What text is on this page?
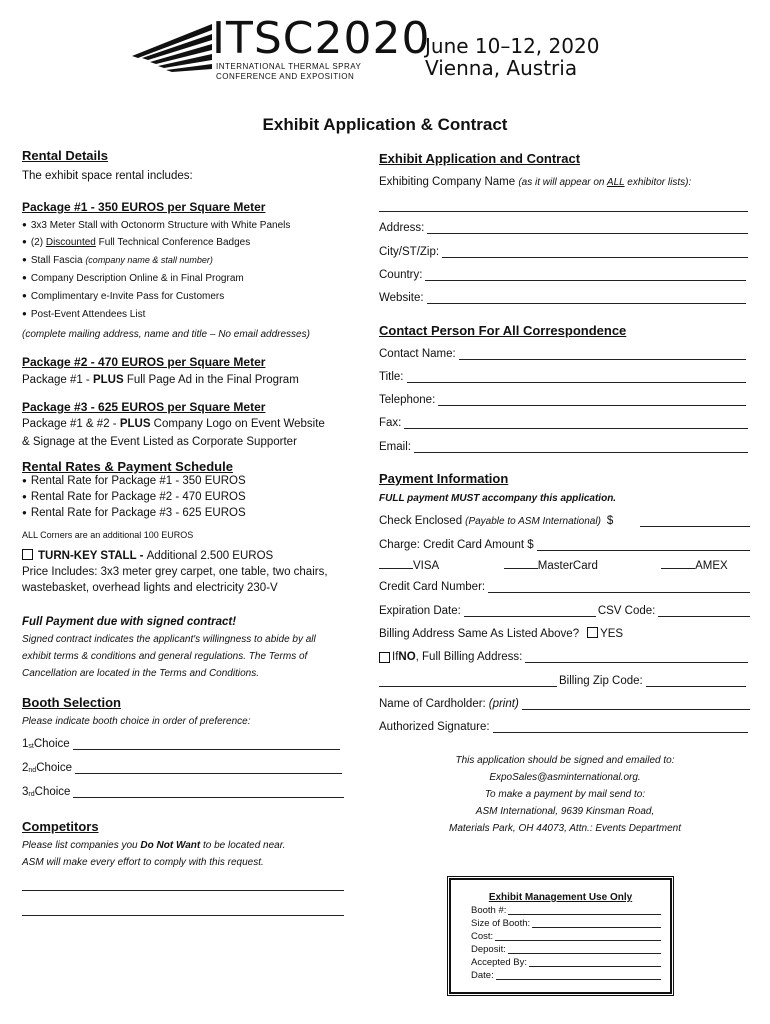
ITSC2020
INTERNATIONAL THERMAL SPRAY
CONFERENCE AND EXPOSITION
June 10–12, 2020
Vienna, Austria
Exhibit Application & Contract
Rental Details
The exhibit space rental includes:
Package #1 - 350 EUROS per Square Meter
● 3x3 Meter Stall with Octonorm Structure with White Panels
● (2) Discounted Full Technical Conference Badges
● Stall Fascia (company name & stall number)
● Company Description Online & in Final Program
● Complimentary e-Invite Pass for Customers
● Post-Event Attendees List
(complete mailing address, name and title – No email addresses)
Package #2 - 470 EUROS per Square Meter
Package #1 - PLUS Full Page Ad in the Final Program
Package #3 - 625 EUROS per Square Meter
Package #1 & #2 - PLUS Company Logo on Event Website
& Signage at the Event Listed as Corporate Supporter
Rental Rates & Payment Schedule
● Rental Rate for Package #1 - 350 EUROS
● Rental Rate for Package #2 - 470 EUROS
● Rental Rate for Package #3 - 625 EUROS
ALL Corners are an additional 100 EUROS
TURN-KEY STALL - Additional 2.500 EUROS
Price Includes: 3x3 meter grey carpet, one table, two chairs,
wastebasket, overhead lights and electricity 230-V
Full Payment due with signed contract!
Signed contract indicates the applicant's willingness to abide by all
exhibit terms & conditions and general regulations. The Terms of
Cancellation are located in the Terms and Conditions.
Booth Selection
Please indicate booth choice in order of preference:
$1_{st}$ Choice
$2_{nd}$ Choice
$3_{rd}$ Choice
Competitors
Please list companies you Do Not Want to be located near.
ASM will make every effort to comply with this request.
Exhibit Application and Contract
Exhibiting Company Name (as it will appear on ALL exhibitor lists):
Address:
City/ST/Zip:
Country:
Website:
Contact Person For All Correspondence
Contact Name:
Title:
Telephone:
Fax:
Email:
Payment Information
FULL payment MUST accompany this application.
Check Enclosed (Payable to ASM International) $
Charge: Credit Card Amount $
VISA	MasterCard	AMEX
Credit Card Number:
Expiration Date:	CSV Code:
Billing Address Same As Listed Above? YES
If NO , Full Billing Address:
Billing Zip Code:
Name of Cardholder: (print)
Authorized Signature:
This application should be signed and emailed to:
ExpoSales@asminternational.org.
To make a payment by mail send to:
ASM International, 9639 Kinsman Road,
Materials Park, OH 44073, Attn.: Events Department
Exhibit Management Use Only
Booth #:
Size of Booth:
Cost:
Deposit:
Accepted By:
Date:
